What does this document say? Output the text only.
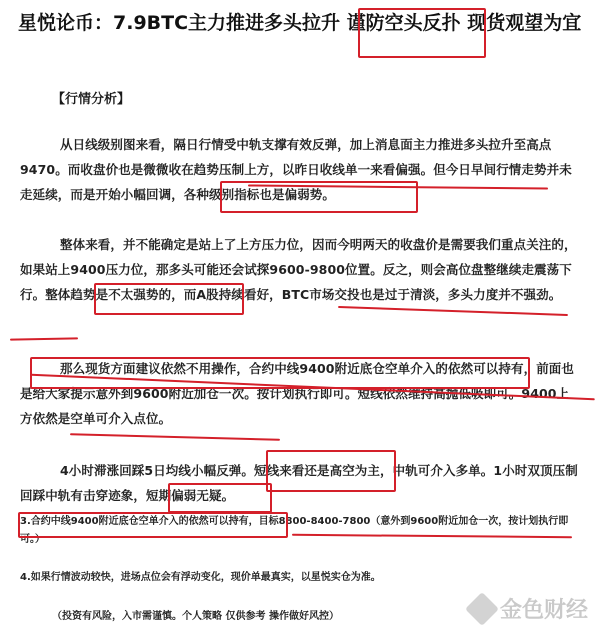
星悦论币：7.9BTC主力推进多头拉升 谨防空头反扑 现货观望为宜
【行情分析】
从日线级别图来看，隔日行情受中轨支撑有效反弹，加上消息面主力推进多头拉升至高点9470。而收盘价也是微微收在趋势压制上方，以昨日收线单一来看偏强。但今日早间行情走势并未走延续，而是开始小幅回调，各种级别指标也是偏弱势。
整体来看，并不能确定是站上了上方压力位，因而今明两天的收盘价是需要我们重点关注的，如果站上9400压力位，那多头可能还会试探9600-9800位置。反之，则会高位盘整继续走震荡下行。整体趋势是不太强势的，而A股持续看好，BTC市场交投也是过于清淡，多头力度并不强劲。
那么现货方面建议依然不用操作，合约中线9400附近底仓空单介入的依然可以持有，前面也是给大家提示意外到9600附近加仓一次。按计划执行即可。短线依然维持高抛低吸即可。9400上方依然是空单可介入点位。
4小时滞涨回踩5日均线小幅反弹。短线来看还是高空为主，中轨可介入多单。1小时双顶压制回踩中轨有击穿迹象，短期偏弱无疑。
3.合约中线9400附近底仓空单介入的依然可以持有，目标8800-8400-7800（意外到9600附近加仓一次，按计划执行即可。）
4.如果行情波动较快，进场点位会有浮动变化，现价单最真实，以星悦实仓为准。
（投资有风险，入市需谨慎。个人策略 仅供参考 操作做好风控）	金色财经
